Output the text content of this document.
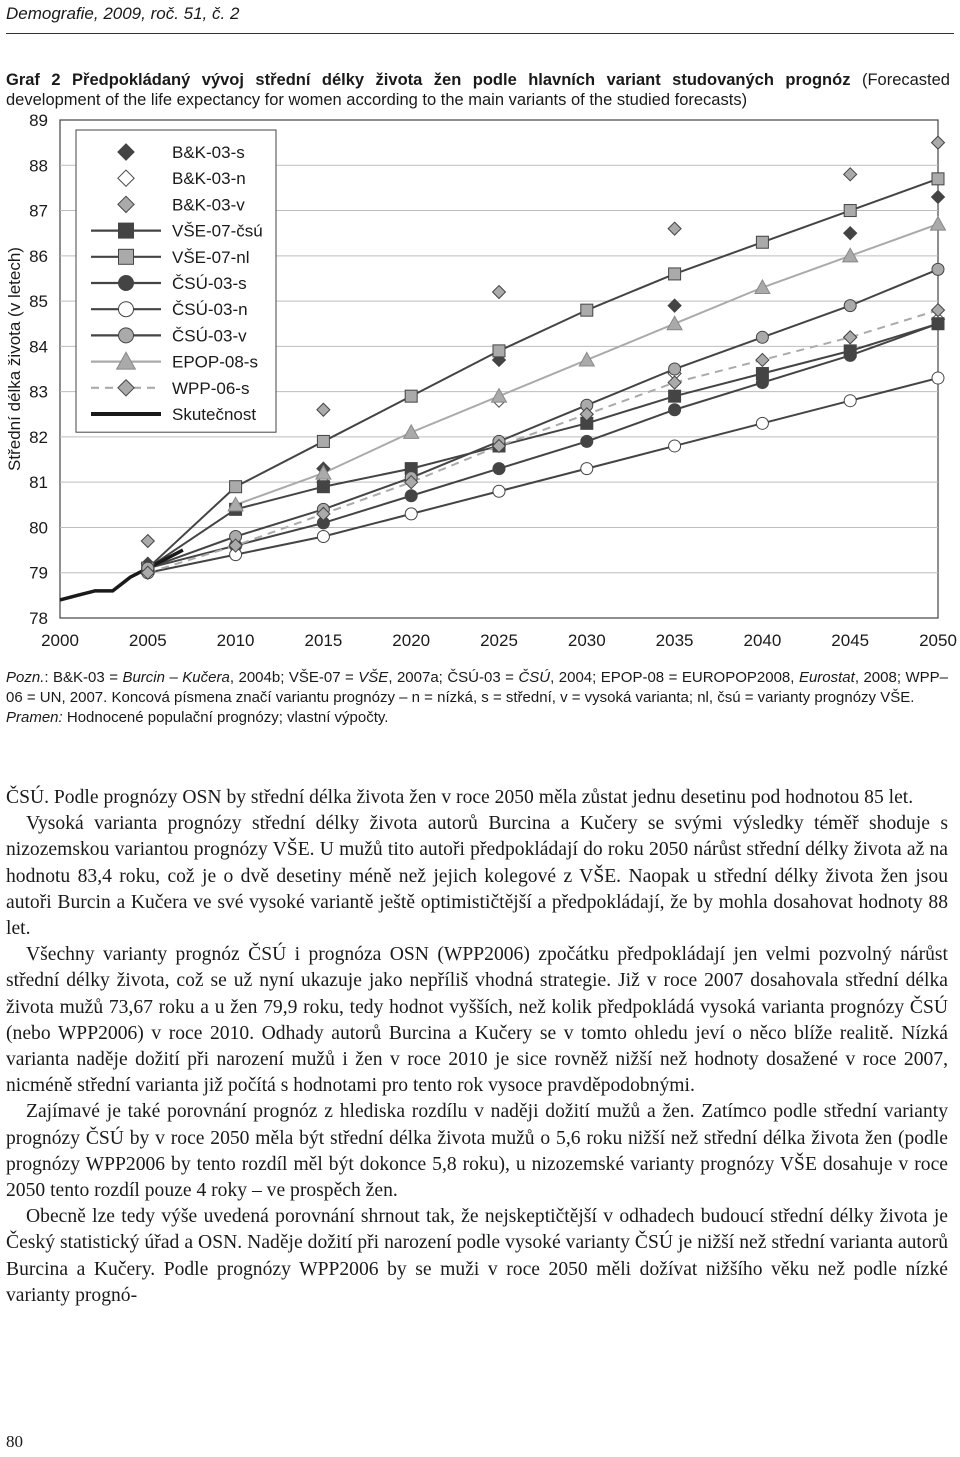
Demografie, 2009, roč. 51, č. 2
Graf 2 Předpokládaný vývoj střední délky života žen podle hlavních variant studovaných prognóz (Forecasted development of the life expectancy for women according to the main variants of the studied forecasts)
B&K-03-s
B&K-03-n
B&K-03-v
VŠE-07-čsú
VŠE-07-nl
ČSÚ-03-s
ČSÚ-03-n
ČSÚ-03-v
EPOP-08-s
WPP-06-s
Skutečnost
78
79
80
81
82
83
84
85
86
87
88
89
2000	2005	2010	2015	2020	2025	2030	2035	2040	2045	2050
Střední délka života (v letech)
Pozn.: B&K-03 = Burcin – Kučera, 2004b; VŠE-07 = VŠE, 2007a; ČSÚ-03 = ČSÚ, 2004; EPOP-08 = EUROPOP2008, Eurostat, 2008; WPP–06 = UN, 2007. Koncová písmena značí variantu prognózy – n = nízká, s = střední, v = vysoká varianta; nl, čsú = varianty prognózy VŠE.
Pramen: Hodnocené populační prognózy; vlastní výpočty.

ČSÚ. Podle prognózy OSN by střední délka života žen v roce 2050 měla zůstat jednu desetinu pod hodnotou 85 let.

Vysoká varianta prognózy střední délky života autorů Burcina a Kučery se svými výsledky téměř shoduje s nizozemskou variantou prognózy VŠE. U mužů tito autoři předpokládají do roku 2050 nárůst střední délky života až na hodnotu 83,4 roku, což je o dvě desetiny méně než jejich kolegové z VŠE. Naopak u střední délky života žen jsou autoři Burcin a Kučera ve své vysoké variantě ještě optimističtější a předpokládají, že by mohla dosahovat hodnoty 88 let.

Všechny varianty prognóz ČSÚ i prognóza OSN (WPP2006) zpočátku předpokládají jen velmi pozvolný nárůst střední délky života, což se už nyní ukazuje jako nepříliš vhodná strategie. Již v roce 2007 dosahovala střední délka života mužů 73,67 roku a u žen 79,9 roku, tedy hodnot vyšších, než kolik předpokládá vysoká varianta prognózy ČSÚ (nebo WPP2006) v roce 2010. Odhady autorů Burcina a Kučery se v tomto ohledu jeví o něco blíže realitě. Nízká varianta naděje dožití při narození mužů i žen v roce 2010 je sice rovněž nižší než hodnoty dosažené v roce 2007, nicméně střední varianta již počítá s hodnotami pro tento rok vysoce pravděpodobnými.

Zajímavé je také porovnání prognóz z hlediska rozdílu v naději dožití mužů a žen. Zatímco podle střední varianty prognózy ČSÚ by v roce 2050 měla být střední délka života mužů o 5,6 roku nižší než střední délka života žen (podle prognózy WPP2006 by tento rozdíl měl být dokonce 5,8 roku), u nizozemské varianty prognózy VŠE dosahuje v roce 2050 tento rozdíl pouze 4 roky – ve prospěch žen.

Obecně lze tedy výše uvedená porovnání shrnout tak, že nejskeptičtější v odhadech budoucí střední délky života je Český statistický úřad a OSN. Naděje dožití při narození podle vysoké varianty ČSÚ je nižší než střední varianta autorů Burcina a Kučery. Podle prognózy WPP2006 by se muži v roce 2050 měli dožívat nižšího věku než podle nízké varianty prognó-

80
